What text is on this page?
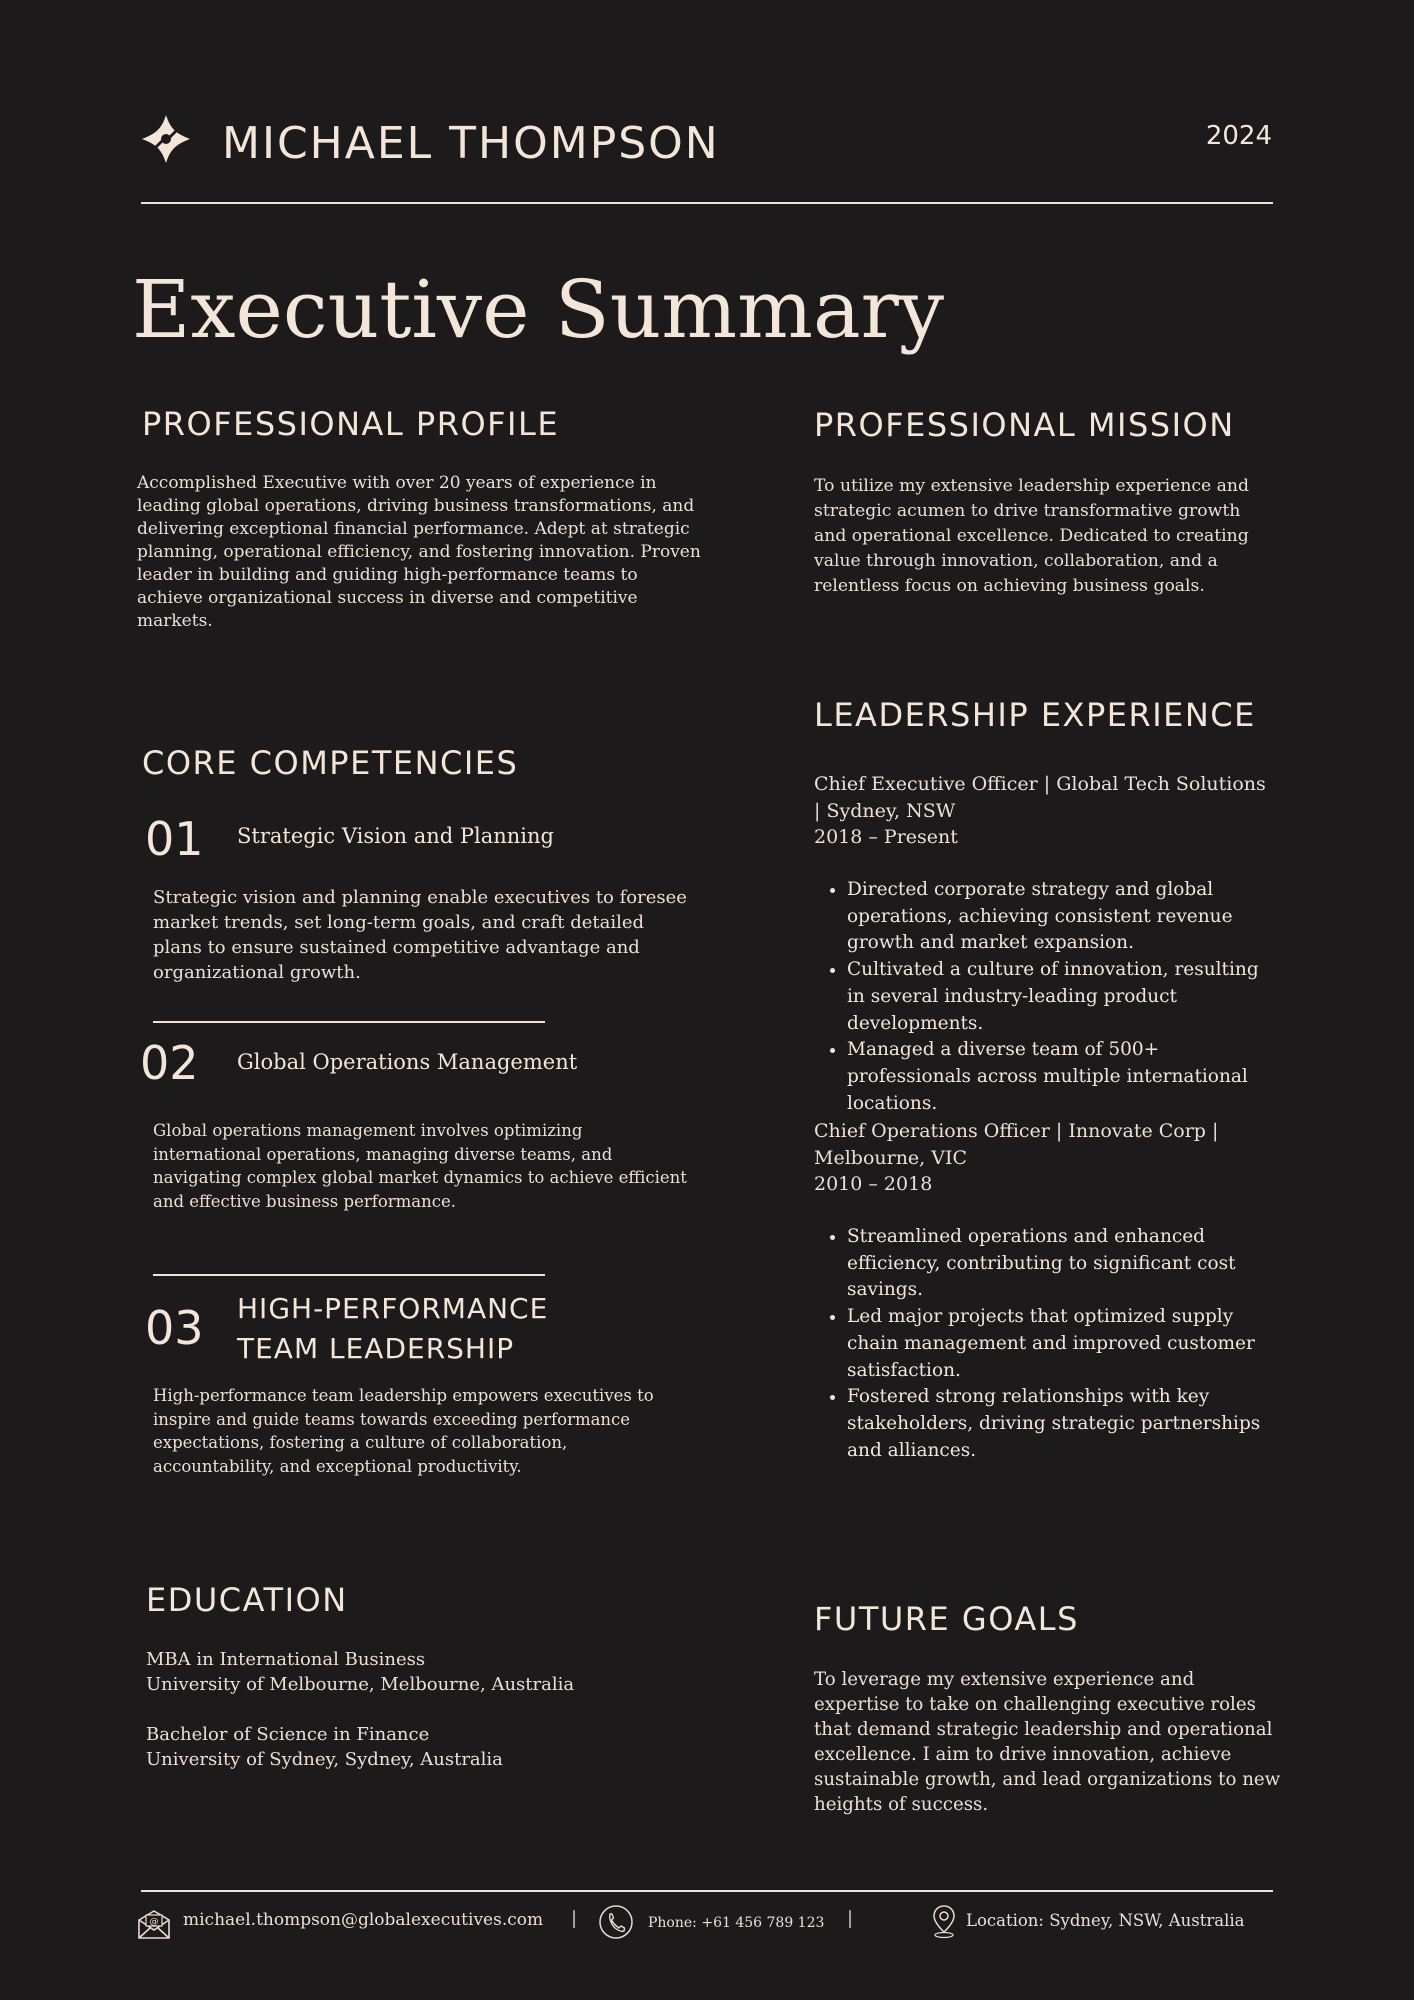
MICHAEL THOMPSON	2024
Executive Summary
PROFESSIONAL PROFILE
Accomplished Executive with over 20 years of experience in leading global operations, driving business transformations, and delivering exceptional financial performance. Adept at strategic planning, operational efficiency, and fostering innovation. Proven leader in building and guiding high-performance teams to achieve organizational success in diverse and competitive markets.
PROFESSIONAL MISSION
To utilize my extensive leadership experience and strategic acumen to drive transformative growth and operational excellence. Dedicated to creating value through innovation, collaboration, and a relentless focus on achieving business goals.
CORE COMPETENCIES
01 Strategic Vision and Planning
Strategic vision and planning enable executives to foresee market trends, set long-term goals, and craft detailed plans to ensure sustained competitive advantage and organizational growth.
02 Global Operations Management
Global operations management involves optimizing international operations, managing diverse teams, and navigating complex global market dynamics to achieve efficient and effective business performance.
03 HIGH-PERFORMANCE TEAM LEADERSHIP
High-performance team leadership empowers executives to inspire and guide teams towards exceeding performance expectations, fostering a culture of collaboration, accountability, and exceptional productivity.
LEADERSHIP EXPERIENCE
Chief Executive Officer | Global Tech Solutions | Sydney, NSW
2018 – Present
• Directed corporate strategy and global operations, achieving consistent revenue growth and market expansion.
• Cultivated a culture of innovation, resulting in several industry-leading product developments.
• Managed a diverse team of 500+ professionals across multiple international locations.
Chief Operations Officer | Innovate Corp | Melbourne, VIC
2010 – 2018
• Streamlined operations and enhanced efficiency, contributing to significant cost savings.
• Led major projects that optimized supply chain management and improved customer satisfaction.
• Fostered strong relationships with key stakeholders, driving strategic partnerships and alliances.
EDUCATION
MBA in International Business
University of Melbourne, Melbourne, Australia
Bachelor of Science in Finance
University of Sydney, Sydney, Australia
FUTURE GOALS
To leverage my extensive experience and expertise to take on challenging executive roles that demand strategic leadership and operational excellence. I aim to drive innovation, achieve sustainable growth, and lead organizations to new heights of success.
@ michael.thompson@globalexecutives.com |	Phone: +61 456 789 123 |	Location: Sydney, NSW, Australia
